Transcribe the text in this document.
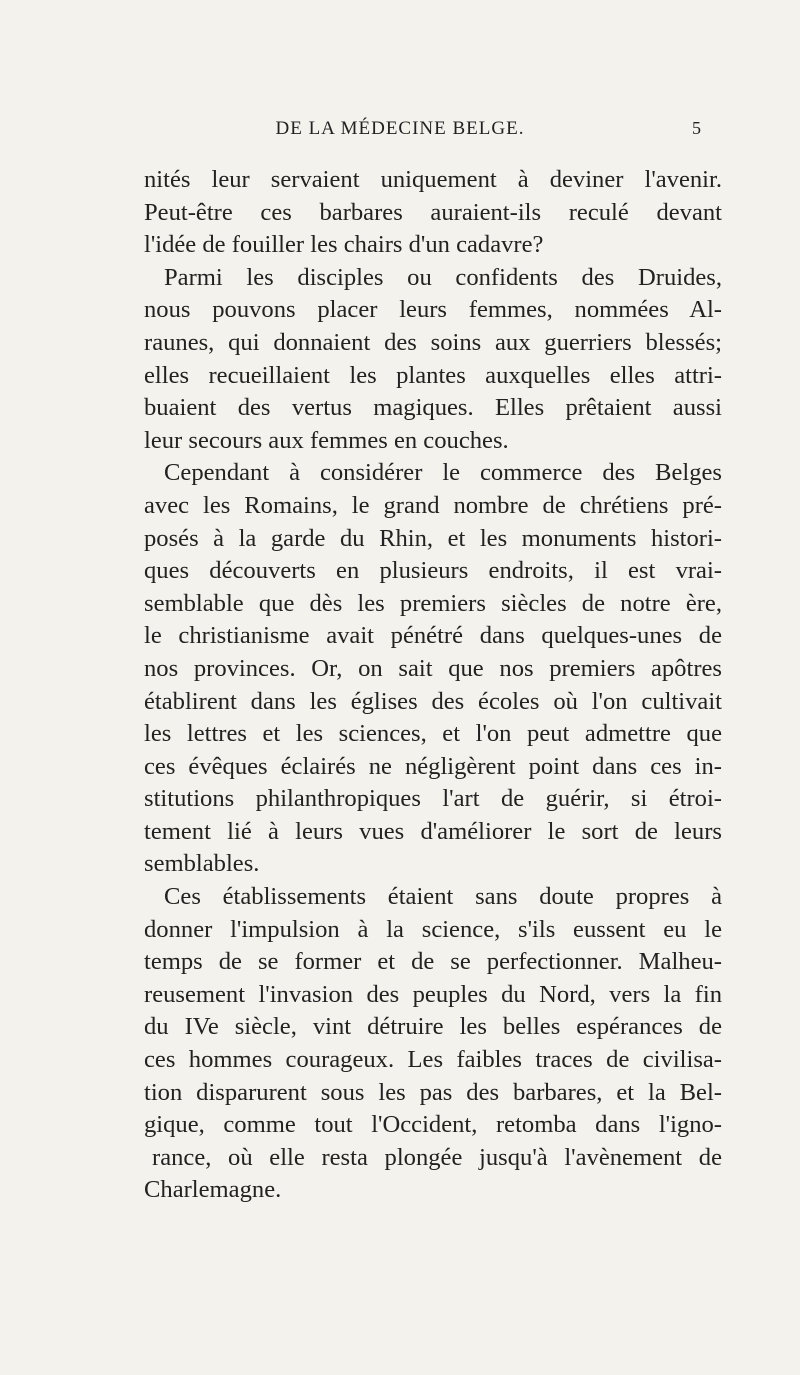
DE LA MÉDECINE BELGE.	5
nités leur servaient uniquement à deviner l'avenir.
Peut-être ces barbares auraient-ils reculé devant
l'idée de fouiller les chairs d'un cadavre?
Parmi les disciples ou confidents des Druides,
nous pouvons placer leurs femmes, nommées Al-
raunes, qui donnaient des soins aux guerriers blessés;
elles recueillaient les plantes auxquelles elles attri-
buaient des vertus magiques. Elles prêtaient aussi
leur secours aux femmes en couches.
Cependant à considérer le commerce des Belges
avec les Romains, le grand nombre de chrétiens pré-
posés à la garde du Rhin, et les monuments histori-
ques découverts en plusieurs endroits, il est vrai-
semblable que dès les premiers siècles de notre ère,
le christianisme avait pénétré dans quelques-unes de
nos provinces. Or, on sait que nos premiers apôtres
établirent dans les églises des écoles où l'on cultivait
les lettres et les sciences, et l'on peut admettre que
ces évêques éclairés ne négligèrent point dans ces in-
stitutions philanthropiques l'art de guérir, si étroi-
tement lié à leurs vues d'améliorer le sort de leurs
semblables.
Ces établissements étaient sans doute propres à
donner l'impulsion à la science, s'ils eussent eu le
temps de se former et de se perfectionner. Malheu-
reusement l'invasion des peuples du Nord, vers la fin
du IVe siècle, vint détruire les belles espérances de
ces hommes courageux. Les faibles traces de civilisa-
tion disparurent sous les pas des barbares, et la Bel-
gique, comme tout l'Occident, retomba dans l'igno-
rance, où elle resta plongée jusqu'à l'avènement de
Charlemagne.
